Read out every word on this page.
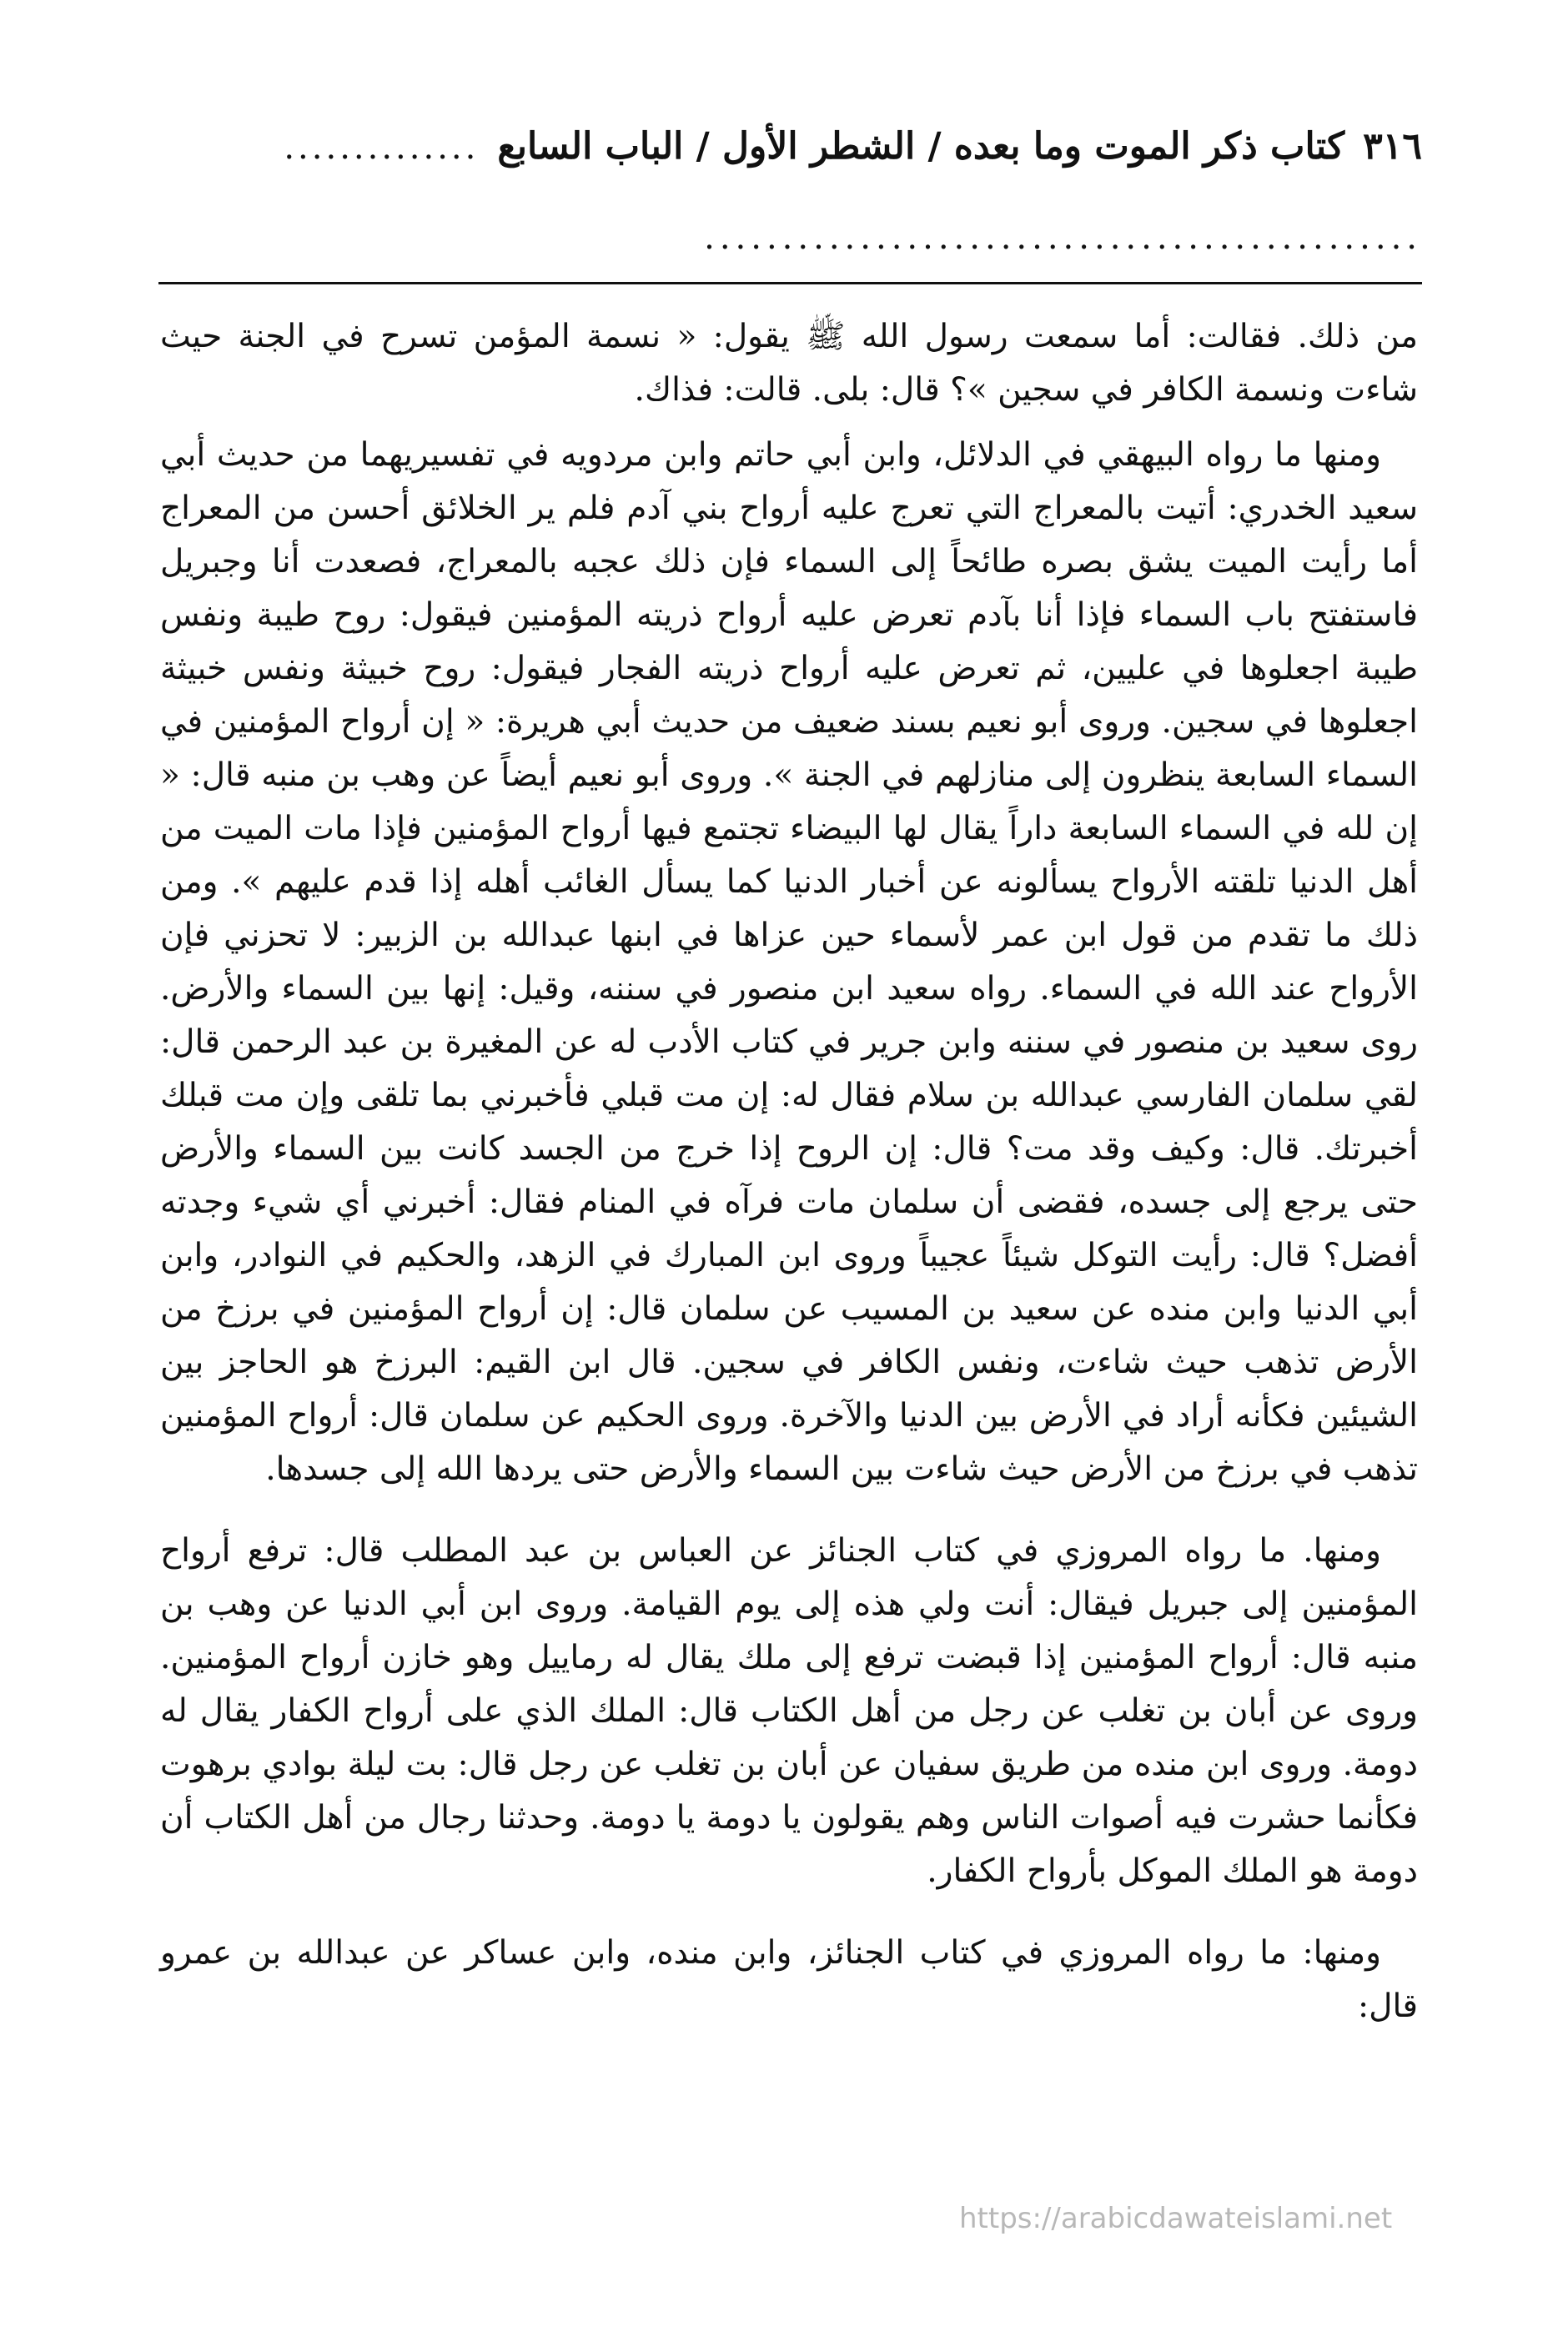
٣١٦
كتاب ذكر الموت وما بعده / الشطر الأول / الباب السابع
..............
..............................................

من ذلك. فقالت: أما سمعت رسول الله ﷺ يقول: « نسمة المؤمن تسرح في الجنة حيث شاءت ونسمة الكافر في سجين »؟ قال: بلى. قالت: فذاك.

ومنها ما رواه البيهقي في الدلائل، وابن أبي حاتم وابن مردويه في تفسيريهما من حديث أبي سعيد الخدري: أتيت بالمعراج التي تعرج عليه أرواح بني آدم فلم ير الخلائق أحسن من المعراج أما رأيت الميت يشق بصره طائحاً إلى السماء فإن ذلك عجبه بالمعراج، فصعدت أنا وجبريل فاستفتح باب السماء فإذا أنا بآدم تعرض عليه أرواح ذريته المؤمنين فيقول: روح طيبة ونفس طيبة اجعلوها في عليين، ثم تعرض عليه أرواح ذريته الفجار فيقول: روح خبيثة ونفس خبيثة اجعلوها في سجين. وروى أبو نعيم بسند ضعيف من حديث أبي هريرة: « إن أرواح المؤمنين في السماء السابعة ينظرون إلى منازلهم في الجنة ». وروى أبو نعيم أيضاً عن وهب بن منبه قال: « إن لله في السماء السابعة داراً يقال لها البيضاء تجتمع فيها أرواح المؤمنين فإذا مات الميت من أهل الدنيا تلقته الأرواح يسألونه عن أخبار الدنيا كما يسأل الغائب أهله إذا قدم عليهم ». ومن ذلك ما تقدم من قول ابن عمر لأسماء حين عزاها في ابنها عبدالله بن الزبير: لا تحزني فإن الأرواح عند الله في السماء. رواه سعيد ابن منصور في سننه، وقيل: إنها بين السماء والأرض. روى سعيد بن منصور في سننه وابن جرير في كتاب الأدب له عن المغيرة بن عبد الرحمن قال: لقي سلمان الفارسي عبدالله بن سلام فقال له: إن مت قبلي فأخبرني بما تلقى وإن مت قبلك أخبرتك. قال: وكيف وقد مت؟ قال: إن الروح إذا خرج من الجسد كانت بين السماء والأرض حتى يرجع إلى جسده، فقضى أن سلمان مات فرآه في المنام فقال: أخبرني أي شيء وجدته أفضل؟ قال: رأيت التوكل شيئاً عجيباً وروى ابن المبارك في الزهد، والحكيم في النوادر، وابن أبي الدنيا وابن منده عن سعيد بن المسيب عن سلمان قال: إن أرواح المؤمنين في برزخ من الأرض تذهب حيث شاءت، ونفس الكافر في سجين. قال ابن القيم: البرزخ هو الحاجز بين الشيئين فكأنه أراد في الأرض بين الدنيا والآخرة. وروى الحكيم عن سلمان قال: أرواح المؤمنين تذهب في برزخ من الأرض حيث شاءت بين السماء والأرض حتى يردها الله إلى جسدها.

ومنها. ما رواه المروزي في كتاب الجنائز عن العباس بن عبد المطلب قال: ترفع أرواح المؤمنين إلى جبريل فيقال: أنت ولي هذه إلى يوم القيامة. وروى ابن أبي الدنيا عن وهب بن منبه قال: أرواح المؤمنين إذا قبضت ترفع إلى ملك يقال له رماييل وهو خازن أرواح المؤمنين. وروى عن أبان بن تغلب عن رجل من أهل الكتاب قال: الملك الذي على أرواح الكفار يقال له دومة. وروى ابن منده من طريق سفيان عن أبان بن تغلب عن رجل قال: بت ليلة بوادي برهوت فكأنما حشرت فيه أصوات الناس وهم يقولون يا دومة يا دومة. وحدثنا رجال من أهل الكتاب أن دومة هو الملك الموكل بأرواح الكفار.

ومنها: ما رواه المروزي في كتاب الجنائز، وابن منده، وابن عساكر عن عبدالله بن عمرو قال:

https://arabicdawateislami.net
